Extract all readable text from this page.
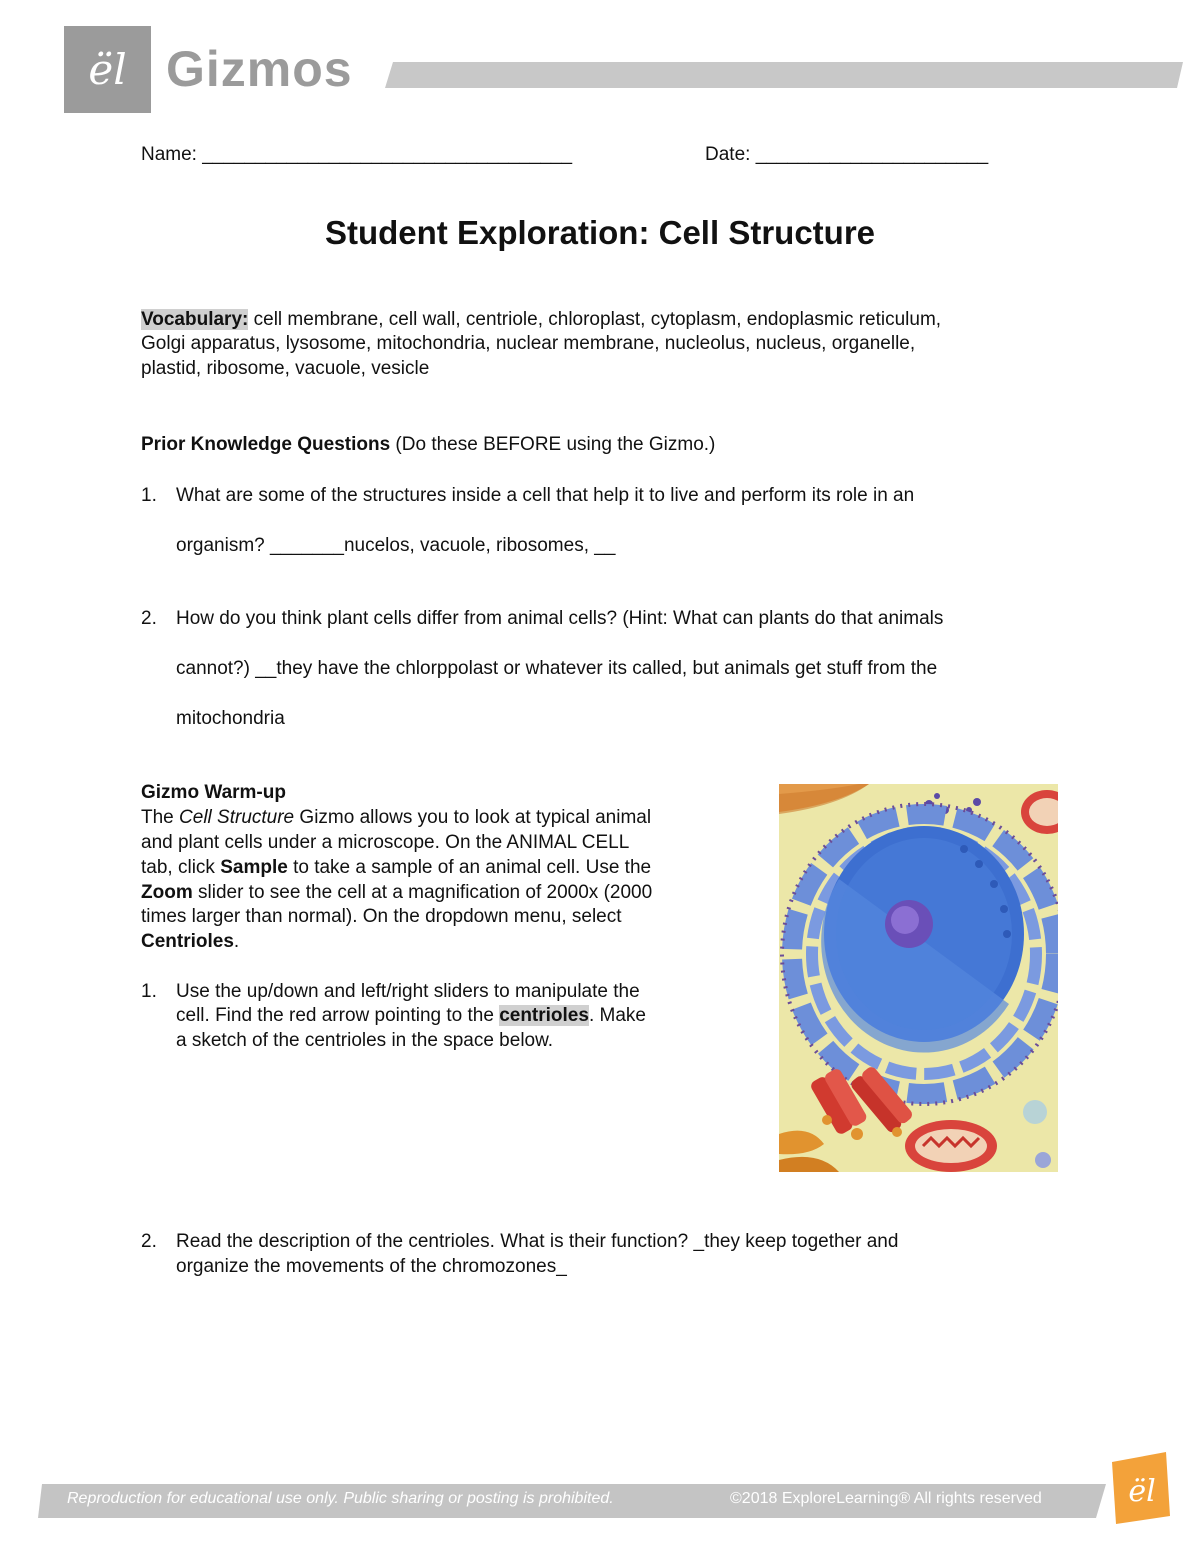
ël Gizmos
Name: ___________________________________	Date: ______________________
Student Exploration: Cell Structure
Vocabulary: cell membrane, cell wall, centriole, chloroplast, cytoplasm, endoplasmic reticulum,
Golgi apparatus, lysosome, mitochondria, nuclear membrane, nucleolus, nucleus, organelle,
plastid, ribosome, vacuole, vesicle
Prior Knowledge Questions (Do these BEFORE using the Gizmo.)
1. What are some of the structures inside a cell that help it to live and perform its role in an
organism? _______nucelos, vacuole, ribosomes, __
2. How do you think plant cells differ from animal cells? (Hint: What can plants do that animals
cannot?) __they have the chlorppolast or whatever its called, but animals get stuff from the
mitochondria
Gizmo Warm-up
The Cell Structure Gizmo allows you to look at typical animal
and plant cells under a microscope. On the ANIMAL CELL
tab, click Sample to take a sample of an animal cell. Use the
Zoom slider to see the cell at a magnification of 2000x (2000
times larger than normal). On the dropdown menu, select
Centrioles.
1. Use the up/down and left/right sliders to manipulate the
cell. Find the red arrow pointing to the centrioles. Make
a sketch of the centrioles in the space below.
2. Read the description of the centrioles. What is their function? _they keep together and
organize the movements of the chromozones_
Reproduction for educational use only. Public sharing or posting is prohibited.	©2018 ExploreLearning® All rights reserved	ël
